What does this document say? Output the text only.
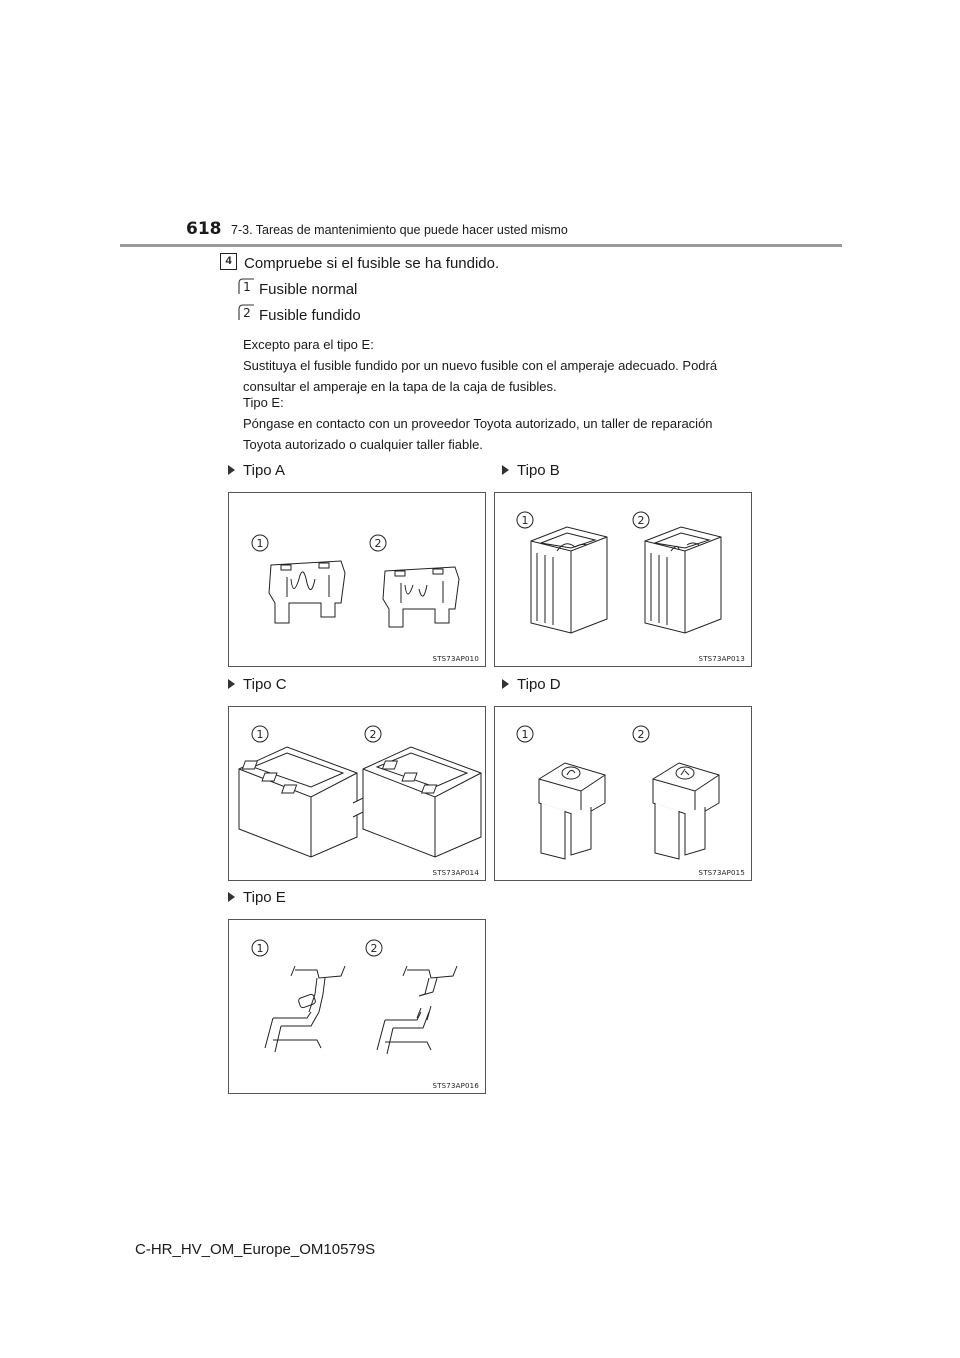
618 7-3. Tareas de mantenimiento que puede hacer usted mismo
4 Compruebe si el fusible se ha fundido.
1 Fusible normal
2 Fusible fundido
Excepto para el tipo E:
Sustituya el fusible fundido por un nuevo fusible con el amperaje adecuado. Podrá consultar el amperaje en la tapa de la caja de fusibles.
Tipo E:
Póngase en contacto con un proveedor Toyota autorizado, un taller de reparación Toyota autorizado o cualquier taller fiable.
Tipo A	Tipo B
Tipo C	Tipo D
Tipo E
1	2
STS73AP010
1	2
STS73AP013
1	2
STS73AP014
1	2
STS73AP015
1	2
STS73AP016
C-HR_HV_OM_Europe_OM10579S
